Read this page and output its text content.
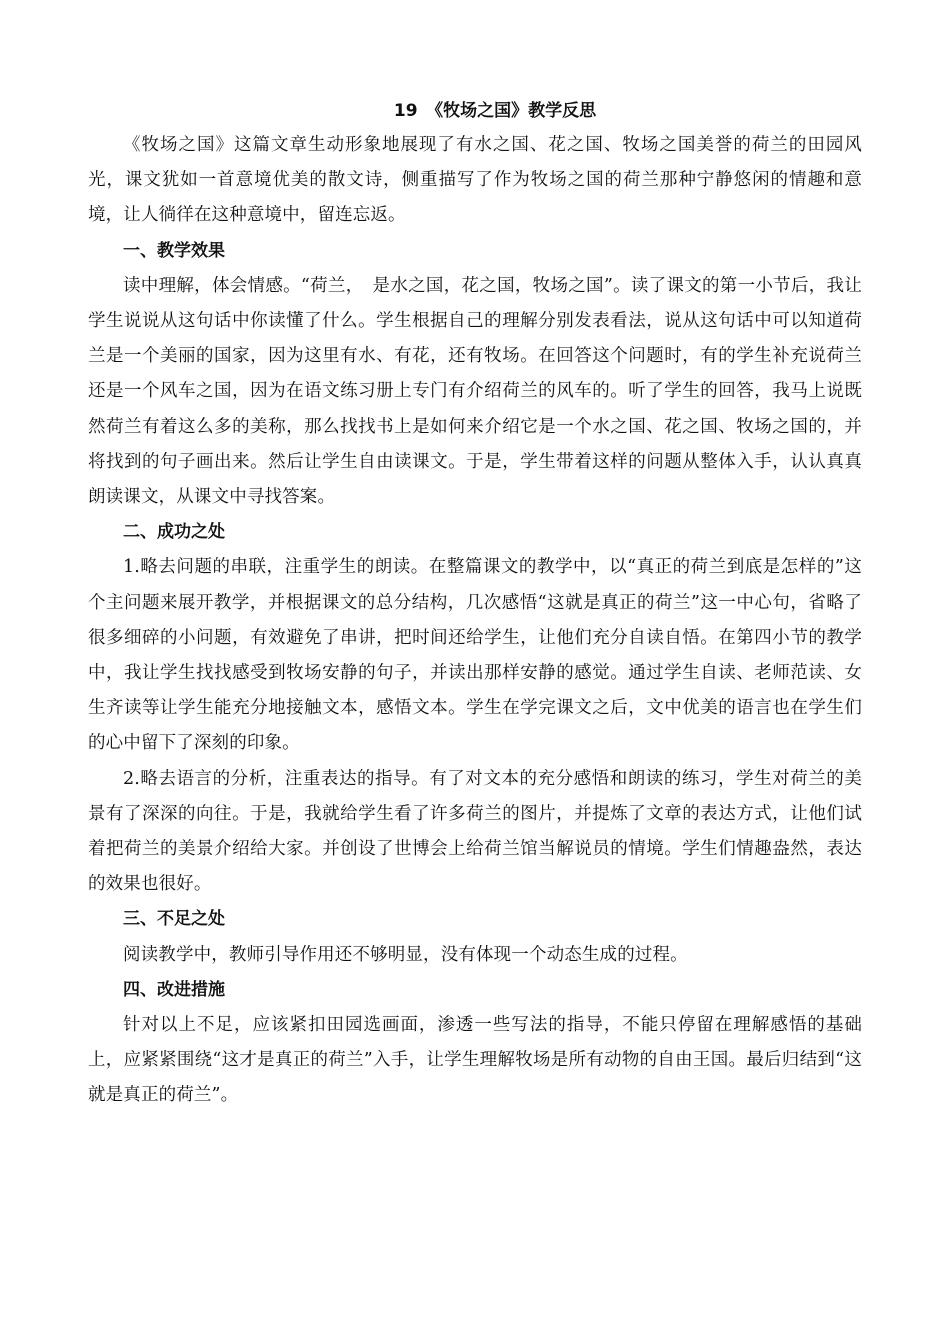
19　《牧场之国》教学反思

《牧场之国》这篇文章生动形象地展现了有水之国、花之国、牧场之国美誉的荷兰的田园风光，课文犹如一首意境优美的散文诗，侧重描写了作为牧场之国的荷兰那种宁静悠闲的情趣和意境，让人徜徉在这种意境中，留连忘返。

一、教学效果

读中理解，体会情感。“荷兰，　是水之国，花之国，牧场之国”。读了课文的第一小节后，我让学生说说从这句话中你读懂了什么。学生根据自己的理解分别发表看法，说从这句话中可以知道荷兰是一个美丽的国家，因为这里有水、有花，还有牧场。在回答这个问题时，有的学生补充说荷兰还是一个风车之国，因为在语文练习册上专门有介绍荷兰的风车的。听了学生的回答，我马上说既然荷兰有着这么多的美称，那么找找书上是如何来介绍它是一个水之国、花之国、牧场之国的，并将找到的句子画出来。然后让学生自由读课文。于是，学生带着这样的问题从整体入手，认认真真朗读课文，从课文中寻找答案。

二、成功之处

1.略去问题的串联，注重学生的朗读。在整篇课文的教学中，以“真正的荷兰到底是怎样的”这个主问题来展开教学，并根据课文的总分结构，几次感悟“这就是真正的荷兰”这一中心句，省略了很多细碎的小问题，有效避免了串讲，把时间还给学生，让他们充分自读自悟。在第四小节的教学中，我让学生找找感受到牧场安静的句子，并读出那样安静的感觉。通过学生自读、老师范读、女生齐读等让学生能充分地接触文本，感悟文本。学生在学完课文之后，文中优美的语言也在学生们的心中留下了深刻的印象。

2.略去语言的分析，注重表达的指导。有了对文本的充分感悟和朗读的练习，学生对荷兰的美景有了深深的向往。于是，我就给学生看了许多荷兰的图片，并提炼了文章的表达方式，让他们试着把荷兰的美景介绍给大家。并创设了世博会上给荷兰馆当解说员的情境。学生们情趣盎然，表达的效果也很好。

三、不足之处

阅读教学中，教师引导作用还不够明显，没有体现一个动态生成的过程。

四、改进措施

针对以上不足，应该紧扣田园选画面，渗透一些写法的指导，不能只停留在理解感悟的基础上，应紧紧围绕“这才是真正的荷兰”入手，让学生理解牧场是所有动物的自由王国。最后归结到“这就是真正的荷兰”。
